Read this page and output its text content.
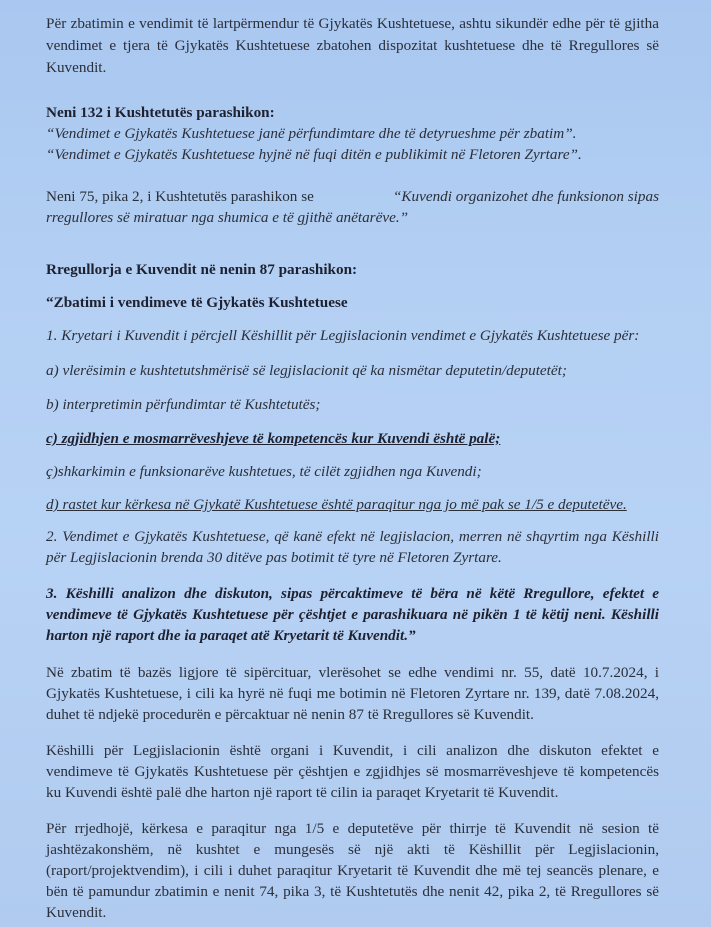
Për zbatimin e vendimit të lartpërmendur të Gjykatës Kushtetuese, ashtu sikundër edhe për të gjitha
vendimet e tjera të Gjykatës Kushtetuese zbatohen dispozitat kushtetuese dhe të Rregullores së
Kuvendit.
Neni 132 i Kushtetutës parashikon:
“Vendimet e Gjykatës Kushtetuese janë përfundimtare dhe të detyrueshme për zbatim”.
“Vendimet e Gjykatës Kushtetuese hyjnë në fuqi ditën e publikimit në Fletoren Zyrtare”.
Neni 75, pika 2, i Kushtetutës parashikon se	“Kuvendi organizohet dhe funksionon sipas
rregullores së miratuar nga shumica e të gjithë anëtarëve.”
Rregullorja e Kuvendit në nenin 87 parashikon:
“Zbatimi i vendimeve të Gjykatës Kushtetuese
1. Kryetari i Kuvendit i përcjell Këshillit për Legjislacionin vendimet e Gjykatës Kushtetuese për:
a) vlerësimin e kushtetutshmërisë së legjislacionit që ka nismëtar deputetin/deputetët;
b) interpretimin përfundimtar të Kushtetutës;
c) zgjidhjen e mosmarrëveshjeve të kompetencës kur Kuvendi është palë;
ç)shkarkimin e funksionarëve kushtetues, të cilët zgjidhen nga Kuvendi;
d) rastet kur kërkesa në Gjykatë Kushtetuese është paraqitur nga jo më pak se 1/5 e deputetëve.
2. Vendimet e Gjykatës Kushtetuese, që kanë efekt në legjislacion, merren në shqyrtim nga Këshilli
për Legjislacionin brenda 30 ditëve pas botimit të tyre në Fletoren Zyrtare.
3. Këshilli analizon dhe diskuton, sipas përcaktimeve të bëra në këtë Rregullore, efektet e
vendimeve të Gjykatës Kushtetuese për çështjet e parashikuara në pikën 1 të këtij neni. Këshilli
harton një raport dhe ia paraqet atë Kryetarit të Kuvendit.”
Në zbatim të bazës ligjore të sipërcituar, vlerësohet se edhe vendimi nr. 55, datë 10.7.2024, i
Gjykatës Kushtetuese, i cili ka hyrë në fuqi me botimin në Fletoren Zyrtare nr. 139, datë 7.08.2024,
duhet të ndjekë procedurën e përcaktuar në nenin 87 të Rregullores së Kuvendit.
Këshilli për Legjislacionin është organi i Kuvendit, i cili analizon dhe diskuton efektet e
vendimeve të Gjykatës Kushtetuese për çështjen e zgjidhjes së mosmarrëveshjeve të kompetencës
ku Kuvendi është palë dhe harton një raport të cilin ia paraqet Kryetarit të Kuvendit.
Për rrjedhojë, kërkesa e paraqitur nga 1/5 e deputetëve për thirrje të Kuvendit në sesion të
jashtëzakonshëm, në kushtet e mungesës së një akti të Këshillit për Legjislacionin,
(raport/projektvendim), i cili i duhet paraqitur Kryetarit të Kuvendit dhe më tej seancës plenare, e
bën të pamundur zbatimin e nenit 74, pika 3, të Kushtetutës dhe nenit 42, pika 2, të Rregullores së
Kuvendit.
